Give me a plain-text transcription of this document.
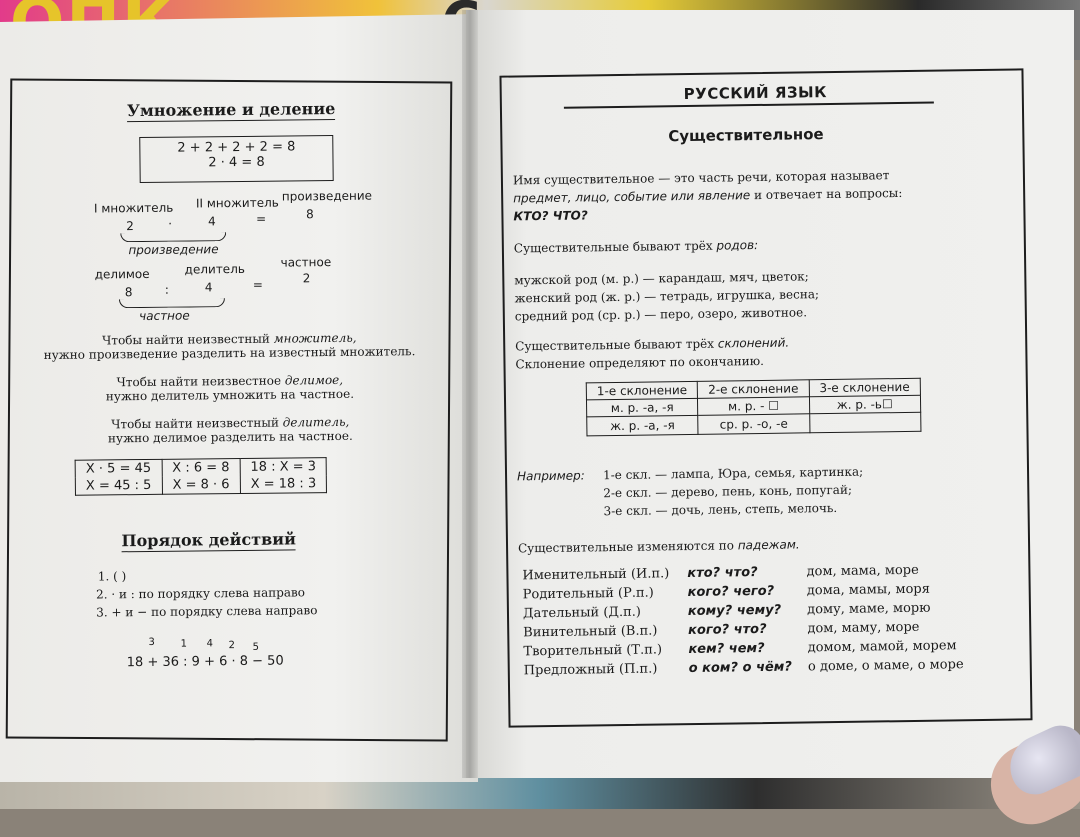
Умножение и деление
2 + 2 + 2 + 2 = 8
2 · 4 = 8
I множитель II множитель произведение
2	·	4	=	8
произведение
делимое	делитель	частное
8	:	4	=	2
частное
Чтобы найти неизвестный множитель,
нужно произведение разделить на известный множитель.
Чтобы найти неизвестное делимое,
нужно делитель умножить на частное.
Чтобы найти неизвестный делитель,
нужно делимое разделить на частное.
X · 5 = 45	X : 6 = 8	18 : X = 3
X = 45 : 5	X = 8 · 6	X = 18 : 3
Порядок действий
1. ( )
2. · и : по порядку слева направо
3. + и − по порядку слева направо
3	1 4 2 5
18 + 36 : 9 + 6 · 8 − 50
РУССКИЙ ЯЗЫК
Существительное
Имя существительное — это часть речи, которая называет
предмет, лицо, событие или явление и отвечает на вопросы:
КТО? ЧТО?
Существительные бывают трёх родов:
мужской род (м. р.) — карандаш, мяч, цветок;
женский род (ж. р.) — тетрадь, игрушка, весна;
средний род (ср. р.) — перо, озеро, животное.
Существительные бывают трёх склонений.
Склонение определяют по окончанию.
1-е склонение	2-е склонение	3-е склонение
м. р. -а, -я	м. р. - ☐	ж. р. -ь☐
ж. р. -а, -я	ср. р. -о, -е	
Например: 1-е скл. — лампа, Юра, семья, картинка;
2-е скл. — дерево, пень, конь, попугай;
3-е скл. — дочь, лень, степь, мелочь.
Существительные изменяются по падежам.
Именительный (И.п.)	кто? что?	дом, мама, море
Родительный (Р.п.)	кого? чего?	дома, мамы, моря
Дательный (Д.п.)	кому? чему?	дому, маме, морю
Винительный (В.п.)	кого? что?	дом, маму, море
Творительный (Т.п.)	кем? чем?	домом, мамой, морем
Предложный (П.п.)	о ком? о чём?	о доме, о маме, о море
